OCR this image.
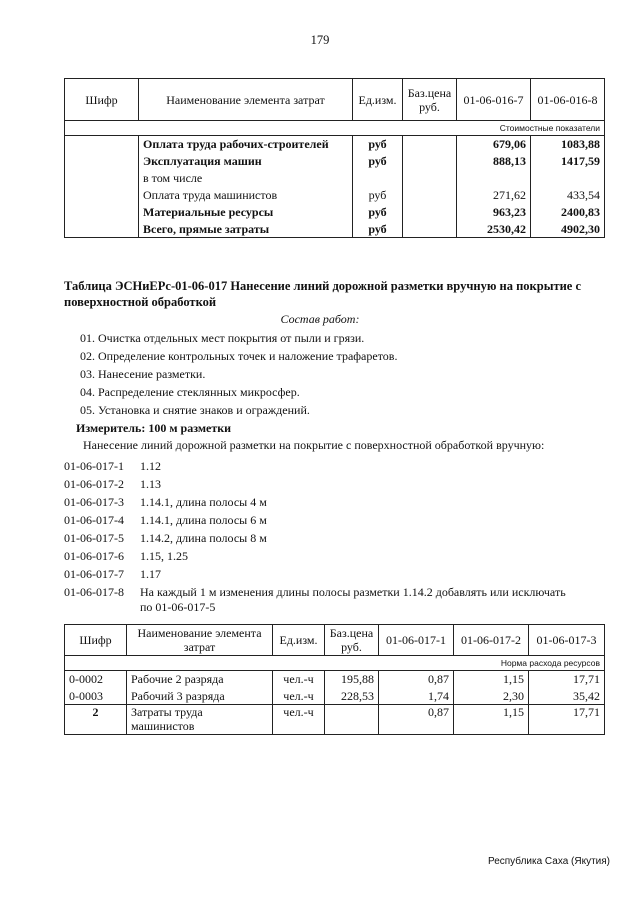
179
Шифр	Наименование элемента затрат	Ед.изм.	Баз.цена руб.	01-06-016-7	01-06-016-8
				Стоимостные показатели	
	Оплата труда рабочих-строителей	руб		679,06	1083,88
	Эксплуатация машин	руб		888,13	1417,59
	в том числе				
	Оплата труда машинистов	руб		271,62	433,54
	Материальные ресурсы	руб		963,23	2400,83
	Всего, прямые затраты	руб		2530,42	4902,30
Таблица ЭСНиЕРс-01-06-017 Нанесение линий дорожной разметки вручную на покрытие с поверхностной обработкой
Состав работ:
01. Очистка отдельных мест покрытия от пыли и грязи.
02. Определение контрольных точек и наложение трафаретов.
03. Нанесение разметки.
04. Распределение стеклянных микросфер.
05. Установка и снятие знаков и ограждений.
Измеритель: 100 м разметки
Нанесение линий дорожной разметки на покрытие с поверхностной обработкой вручную:
01-06-017-1 1.12
01-06-017-2 1.13
01-06-017-3 1.14.1, длина полосы 4 м
01-06-017-4 1.14.1, длина полосы 6 м
01-06-017-5 1.14.2, длина полосы 8 м
01-06-017-6 1.15, 1.25
01-06-017-7 1.17
01-06-017-8 На каждый 1 м изменения длины полосы разметки 1.14.2 добавлять или исключать
по 01-06-017-5
Шифр	Наименование элемента затрат	Ед.изм.	Баз.цена руб.	01-06-017-1	01-06-017-2	01-06-017-3
				Норма расхода ресурсов		
0-0002	Рабочие 2 разряда	чел.-ч	195,88	0,87	1,15	17,71
0-0003	Рабочий 3 разряда	чел.-ч	228,53	1,74	2,30	35,42
2	Затраты труда машинистов	чел.-ч		0,87	1,15	17,71
Республика Саха (Якутия)
